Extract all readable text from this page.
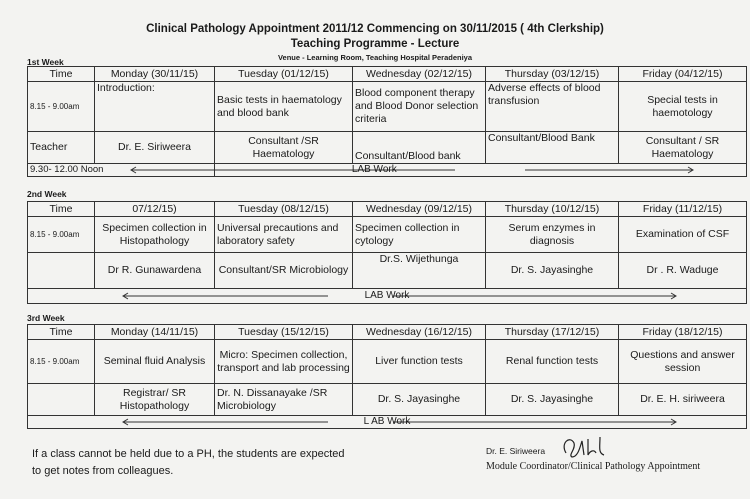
Clinical Pathology Appointment 2011/12 Commencing on 30/11/2015 ( 4th Clerkship)
Teaching Programme - Lecture
Venue - Learning Room, Teaching Hospital Peradeniya
1st Week
Time	Monday (30/11/15)	Tuesday (01/12/15)	Wednesday (02/12/15)	Thursday (03/12/15)	Friday (04/12/15)
8.15 - 9.00am	Introduction:	Basic tests in haematology and blood bank	Blood component therapy and Blood Donor selection criteria	Adverse effects of blood transfusion	Special tests in haemotology
Teacher	Dr. E. Siriweera	Consultant /SR Haematology	Consultant/Blood bank	Consultant/Blood Bank	Consultant / SR Haematology

9.30- 12.00 Noon		LAB Work			
2nd Week
Time	07/12/15)	Tuesday (08/12/15)	Wednesday (09/12/15)	Thursday (10/12/15)	Friday (11/12/15)
8.15 - 9.00am	Specimen collection in Histopathology	Universal precautions and laboratory safety	Specimen collection in cytology	Serum enzymes in diagnosis	Examination of CSF
	Dr R. Gunawardena	Consultant/SR Microbiology	Dr.S. Wijethunga	Dr. S. Jayasinghe	Dr . R. Waduge

LAB Work					
3rd Week
Time	Monday (14/11/15)	Tuesday (15/12/15)	Wednesday (16/12/15)	Thursday (17/12/15)	Friday (18/12/15)
8.15 - 9.00am	Seminal fluid Analysis	Micro: Specimen collection, transport and lab processing	Liver function tests	Renal function tests	Questions and answer session
	Registrar/ SR Histopathology	Dr. N. Dissanayake /SR Microbiology	Dr. S. Jayasinghe	Dr. S. Jayasinghe	Dr. E. H. siriweera

L AB Work					
If a class cannot be held due to a PH, the students are expected
to get notes from colleagues.
Dr. E. Siriweera
Module Coordinator/Clinical Pathology Appointment
